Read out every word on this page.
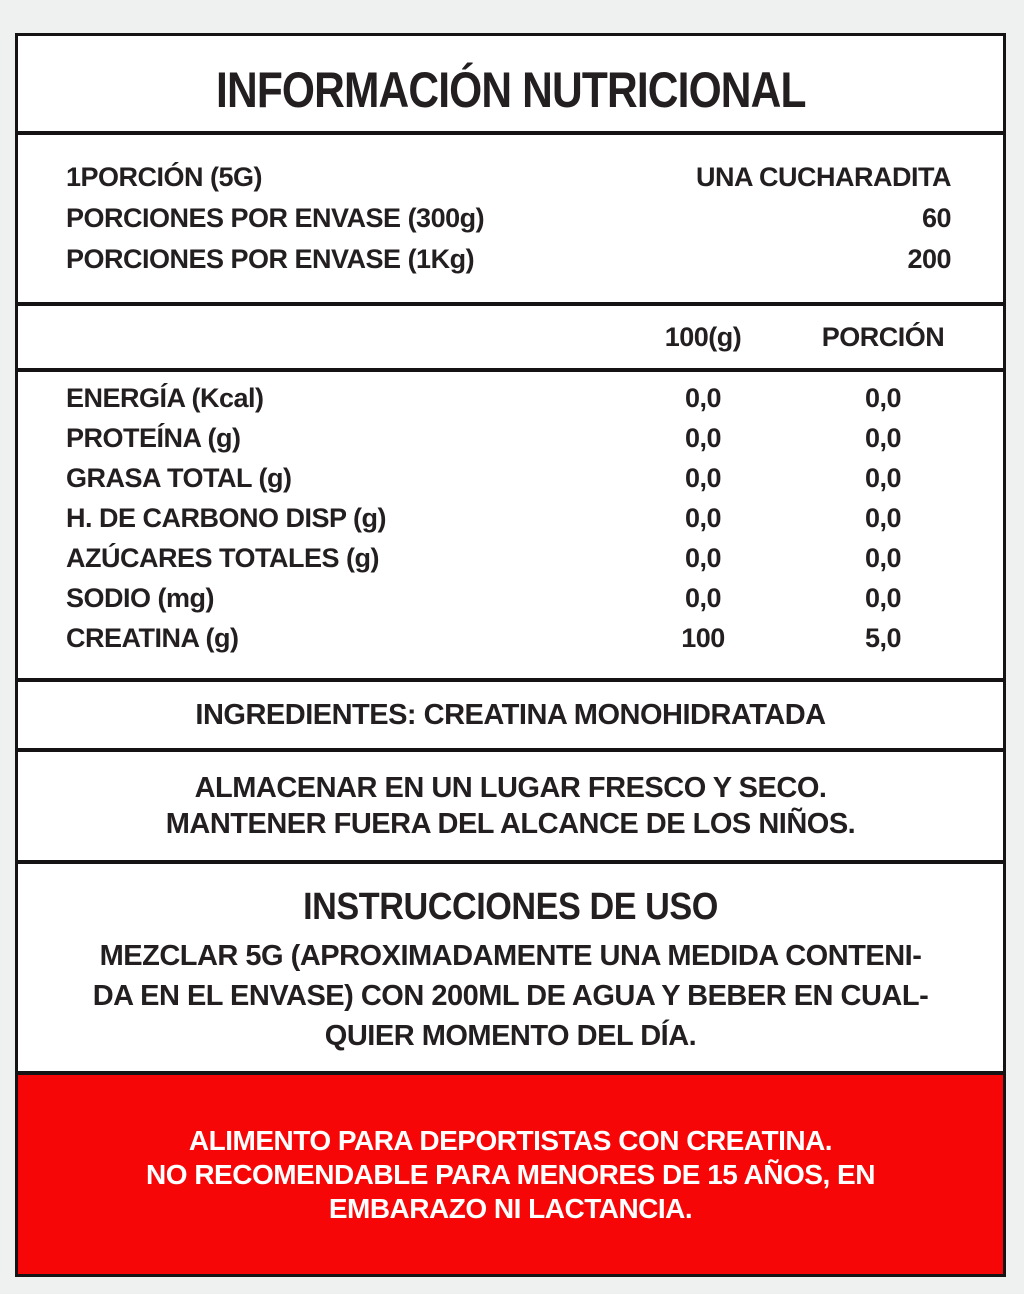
INFORMACIÓN NUTRICIONAL
1PORCIÓN (5G)	UNA CUCHARADITA
PORCIONES POR ENVASE (300g)	60
PORCIONES POR ENVASE (1Kg)	200
100(g)	PORCIÓN
ENERGÍA (Kcal)	0,0	0,0
PROTEÍNA (g)	0,0	0,0
GRASA TOTAL (g)	0,0	0,0
H. DE CARBONO DISP (g)	0,0	0,0
AZÚCARES TOTALES (g)	0,0	0,0
SODIO (mg)	0,0	0,0
CREATINA (g)	100	5,0

INGREDIENTES: CREATINA MONOHIDRATADA

ALMACENAR EN UN LUGAR FRESCO Y SECO.

MANTENER FUERA DEL ALCANCE DE LOS NIÑOS.

INSTRUCCIONES DE USO

MEZCLAR 5G (APROXIMADAMENTE UNA MEDIDA CONTENI-

DA EN EL ENVASE) CON 200ML DE AGUA Y BEBER EN CUAL-

QUIER MOMENTO DEL DÍA.

ALIMENTO PARA DEPORTISTAS CON CREATINA.

NO RECOMENDABLE PARA MENORES DE 15 AÑOS, EN

EMBARAZO NI LACTANCIA.
